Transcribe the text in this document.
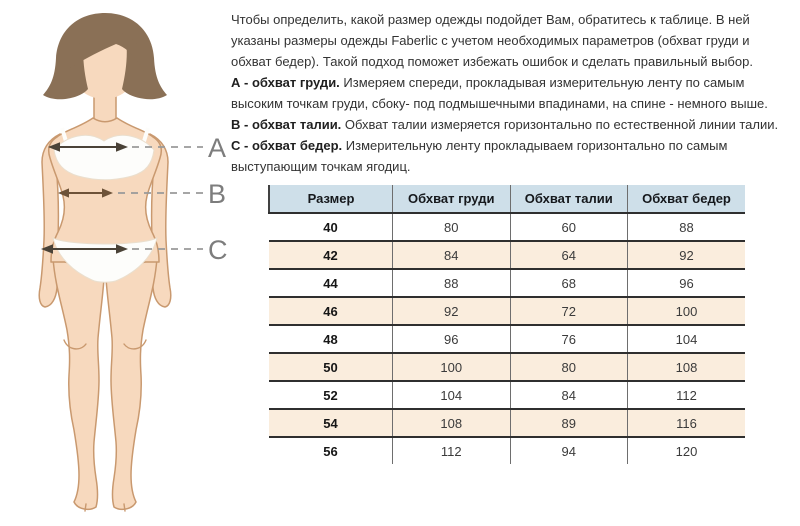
A
B
C
Чтобы определить, какой размер одежды подойдет Вам, обратитесь к таблице. В ней
указаны размеры одежды Faberlic с учетом необходимых параметров (обхват груди и
обхват бедер). Такой подход поможет избежать ошибок и сделать правильный выбор.
А - обхват груди. Измеряем спереди, прокладывая измерительную ленту по самым
высоким точкам груди, сбоку- под подмышечными впадинами, на спине - немного выше.
В - обхват талии. Обхват талии измеряется горизонтально по естественной линии талии.
С - обхват бедер. Измерительную ленту прокладываем горизонтально по самым
выступающим точкам ягодиц.
Размер	Обхват груди	Обхват талии	Обхват бедер
40	80	60	88
42	84	64	92
44	88	68	96
46	92	72	100
48	96	76	104
50	100	80	108
52	104	84	112
54	108	89	116
56	112	94	120
